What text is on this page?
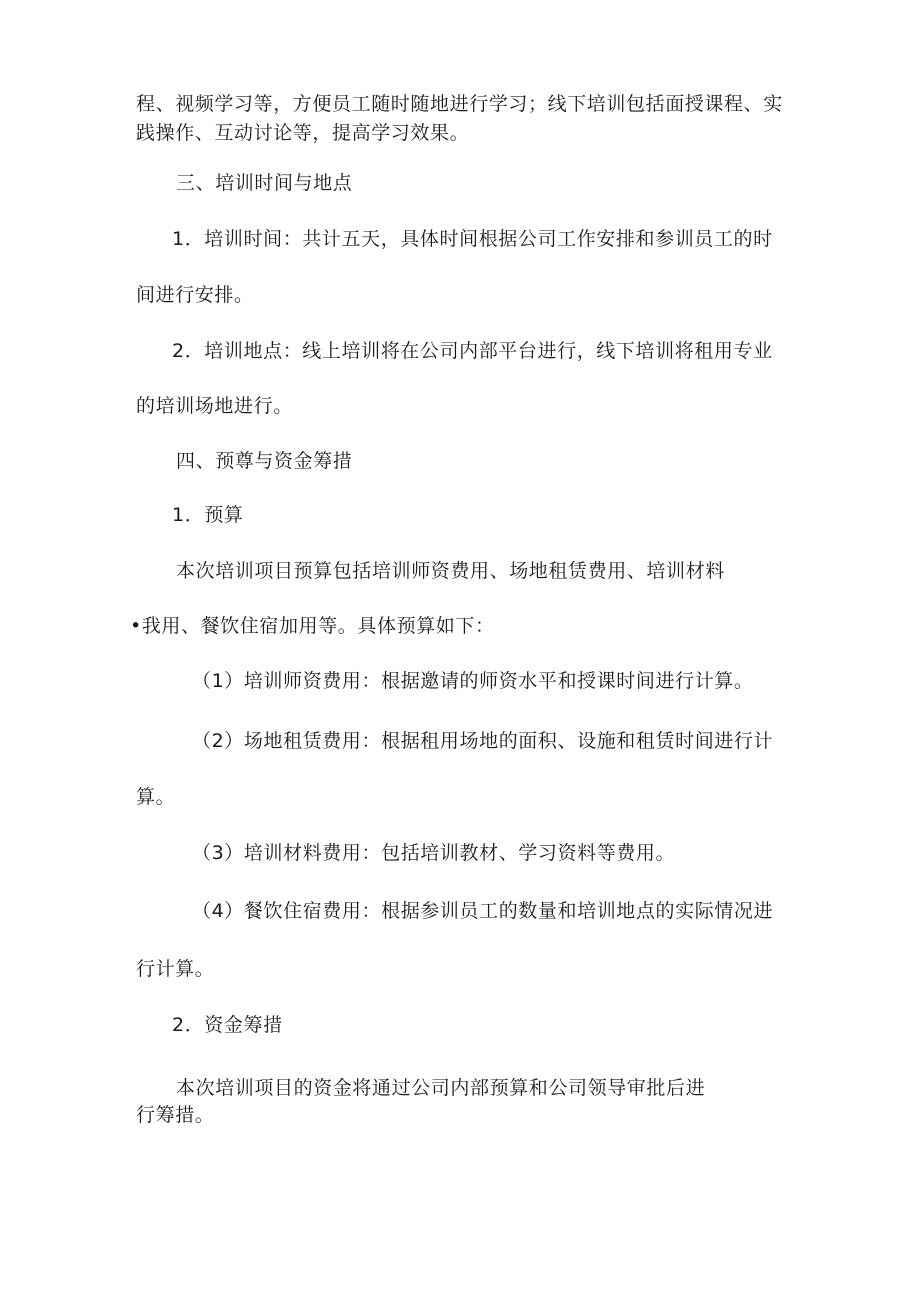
程、视频学习等，方便员工随时随地进行学习；线下培训包括面授课程、实
践操作、互动讨论等，提高学习效果。
三、培训时间与地点
1．培训时间：共计五天，具体时间根据公司工作安排和参训员工的时
间进行安排。
2．培训地点：线上培训将在公司内部平台进行，线下培训将租用专业
的培训场地进行。
四、预尊与资金筹措
1．预算
本次培训项目预算包括培训师资费用、场地租赁费用、培训材料
•我用、餐饮住宿加用等。具体预算如下：
（1）培训师资费用：根据邀请的师资水平和授课时间进行计算。
（2）场地租赁费用：根据租用场地的面积、设施和租赁时间进行计
算。
（3）培训材料费用：包括培训教材、学习资料等费用。
（4）餐饮住宿费用：根据参训员工的数量和培训地点的实际情况进
行计算。
2．资金筹措
本次培训项目的资金将通过公司内部预算和公司领导审批后进
行筹措。
